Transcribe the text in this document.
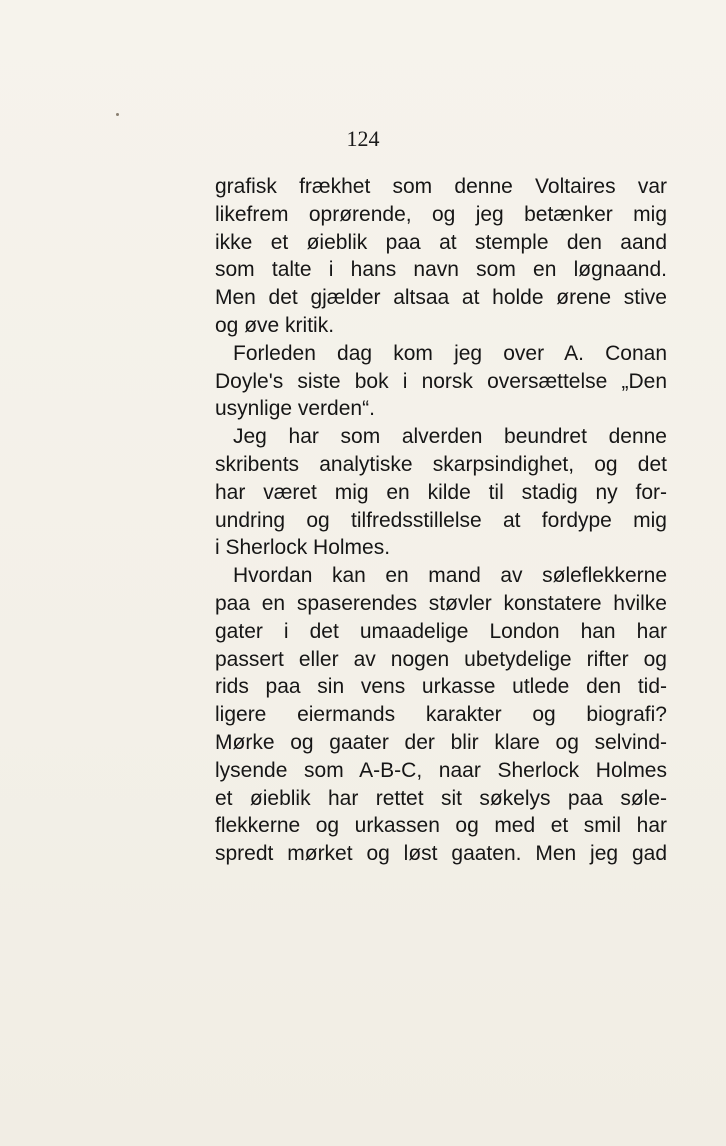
124
grafisk frækhet som denne Voltaires var
likefrem oprørende, og jeg betænker mig
ikke et øieblik paa at stemple den aand
som talte i hans navn som en løgnaand.
Men det gjælder altsaa at holde ørene stive
og øve kritik.
Forleden dag kom jeg over A. Conan
Doyle's siste bok i norsk oversættelse „Den
usynlige verden“.
Jeg har som alverden beundret denne
skribents analytiske skarpsindighet, og det
har været mig en kilde til stadig ny for-
undring og tilfredsstillelse at fordype mig
i Sherlock Holmes.
Hvordan kan en mand av søleflekkerne
paa en spaserendes støvler konstatere hvilke
gater i det umaadelige London han har
passert eller av nogen ubetydelige rifter og
rids paa sin vens urkasse utlede den tid-
ligere eiermands karakter og biografi?
Mørke og gaater der blir klare og selvind-
lysende som A-B-C, naar Sherlock Holmes
et øieblik har rettet sit søkelys paa søle-
flekkerne og urkassen og med et smil har
spredt mørket og løst gaaten. Men jeg gad
